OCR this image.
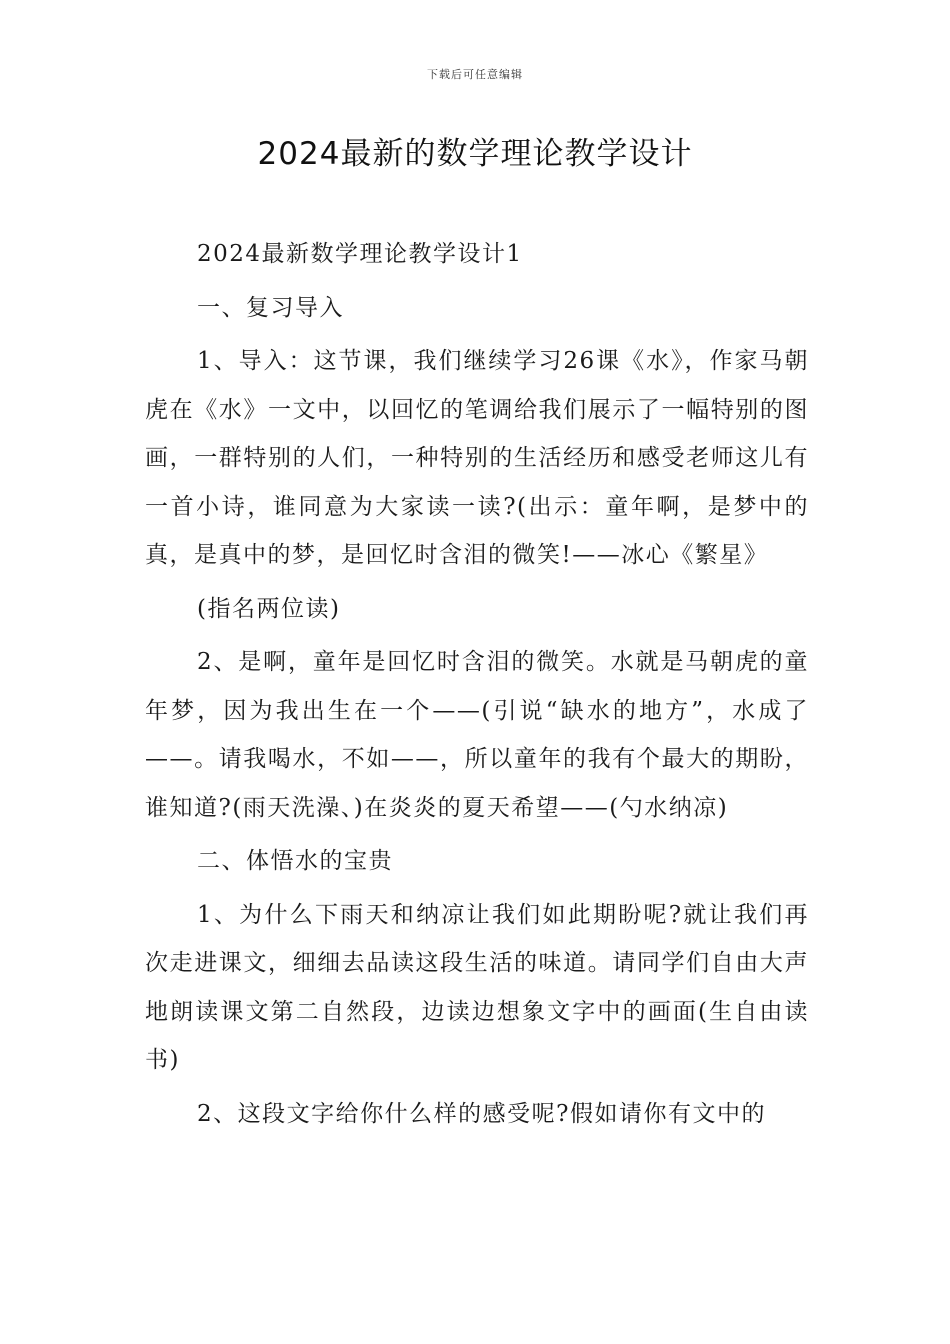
下载后可任意编辑
2024最新的数学理论教学设计

2024最新数学理论教学设计1

一、复习导入

1、导入：这节课，我们继续学习26课《水》，作家马朝虎在《水》一文中，以回忆的笔调给我们展示了一幅特别的图画，一群特别的人们，一种特别的生活经历和感受老师这儿有一首小诗，谁同意为大家读一读?(出示：童年啊，是梦中的真，是真中的梦，是回忆时含泪的微笑!——冰心《繁星》

(指名两位读)

2、是啊，童年是回忆时含泪的微笑。水就是马朝虎的童年梦，因为我出生在一个——(引说“缺水的地方”，水成了——。请我喝水，不如——，所以童年的我有个最大的期盼，谁知道?(雨天洗澡、)在炎炎的夏天希望——(勺水纳凉)

二、体悟水的宝贵

1、为什么下雨天和纳凉让我们如此期盼呢?就让我们再次走进课文，细细去品读这段生活的味道。请同学们自由大声地朗读课文第二自然段，边读边想象文字中的画面(生自由读书)

2、这段文字给你什么样的感受呢?假如请你有文中的
